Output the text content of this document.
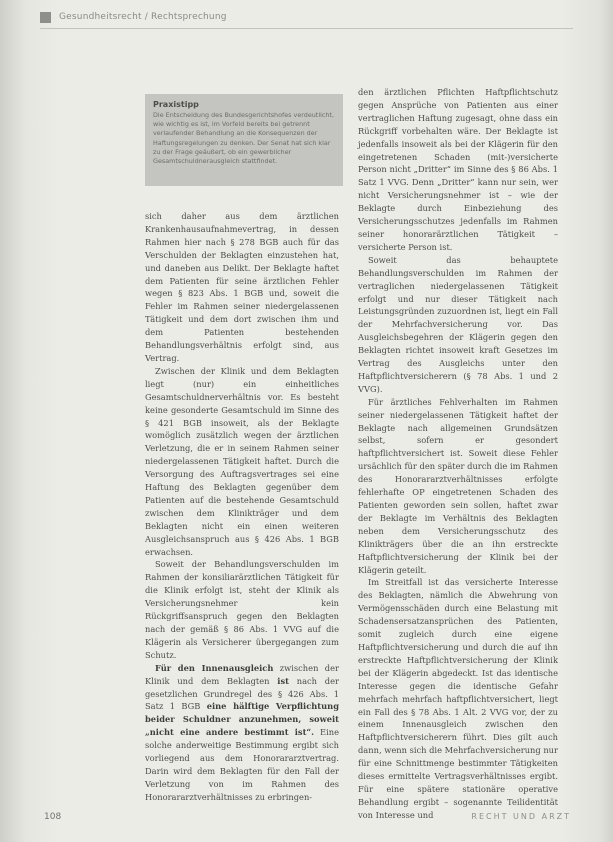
Gesundheitsrecht / Rechtsprechung
Praxistipp
Die Entscheidung des Bundesgerichtshofes verdeutlicht, wie wichtig es ist, im Vorfeld bereits bei getrennt verlaufender Behandlung an die Konsequenzen der Haftungsregelungen zu denken. Der Senat hat sich klar zu der Frage geäußert, ob ein gewerblicher Gesamtschuldnerausgleich stattfindet.

sich daher aus dem ärztlichen Krankenhausaufnahmevertrag, in dessen Rahmen hier nach § 278 BGB auch für das Verschulden der Beklagten einzustehen hat, und daneben aus Delikt. Der Beklagte haftet dem Patienten für seine ärztlichen Fehler wegen § 823 Abs. 1 BGB und, soweit die Fehler im Rahmen seiner niedergelassenen Tätigkeit und dem dort zwischen ihm und dem Patienten bestehenden Behandlungsverhältnis erfolgt sind, aus Vertrag.

Zwischen der Klinik und dem Beklagten liegt (nur) ein einheitliches Gesamtschuldnerverhältnis vor. Es besteht keine gesonderte Gesamtschuld im Sinne des § 421 BGB insoweit, als der Beklagte womöglich zusätzlich wegen der ärztlichen Verletzung, die er in seinem Rahmen seiner niedergelassenen Tätigkeit haftet. Durch die Versorgung des Auftragsvertrages sei eine Haftung des Beklagten gegenüber dem Patienten auf die bestehende Gesamtschuld zwischen dem Klinikträger und dem Beklagten nicht ein einen weiteren Ausgleichsanspruch aus § 426 Abs. 1 BGB erwachsen.

Soweit der Behandlungsverschulden im Rahmen der konsiliarärztlichen Tätigkeit für die Klinik erfolgt ist, steht der Klinik als Versicherungsnehmer kein Rückgriffsanspruch gegen den Beklagten nach der gemäß § 86 Abs. 1 VVG auf die Klägerin als Versicherer übergegangen zum Schutz.

Für den Innenausgleich zwischen der Klinik und dem Beklagten ist nach der gesetzlichen Grundregel des § 426 Abs. 1 Satz 1 BGB eine hälftige Verpflichtung beider Schuldner anzunehmen, soweit „nicht eine andere bestimmt ist“. Eine solche anderweitige Bestimmung ergibt sich vorliegend aus dem Honorararztvertrag. Darin wird dem Beklagten für den Fall der Verletzung von im Rahmen des Honorararztverhältnisses zu erbringen-

den ärztlichen Pflichten Haftpflichtschutz gegen Ansprüche von Patienten aus einer vertraglichen Haftung zugesagt, ohne dass ein Rückgriff vorbehalten wäre. Der Beklagte ist jedenfalls insoweit als bei der Klägerin für den eingetretenen Schaden (mit-)versicherte Person nicht „Dritter“ im Sinne des § 86 Abs. 1 Satz 1 VVG. Denn „Dritter“ kann nur sein, wer nicht Versicherungsnehmer ist – wie der Beklagte durch Einbeziehung des Versicherungsschutzes jedenfalls im Rahmen seiner honorarärztlichen Tätigkeit – versicherte Person ist.

Soweit das behauptete Behandlungsverschulden im Rahmen der vertraglichen niedergelassenen Tätigkeit erfolgt und nur dieser Tätigkeit nach Leistungsgründen zuzuordnen ist, liegt ein Fall der Mehrfachversicherung vor. Das Ausgleichsbegehren der Klägerin gegen den Beklagten richtet insoweit kraft Gesetzes im Vertrag des Ausgleichs unter den Haftpflichtversicherern (§ 78 Abs. 1 und 2 VVG).

Für ärztliches Fehlverhalten im Rahmen seiner niedergelassenen Tätigkeit haftet der Beklagte nach allgemeinen Grundsätzen selbst, sofern er gesondert haftpflichtversichert ist. Soweit diese Fehler ursächlich für den später durch die im Rahmen des Honorararztverhältnisses erfolgte fehlerhafte OP eingetretenen Schaden des Patienten geworden sein sollen, haftet zwar der Beklagte im Verhältnis des Beklagten neben dem Versicherungsschutz des Klinikträgers über die an ihn erstreckte Haftpflichtversicherung der Klinik bei der Klägerin geteilt.

Im Streitfall ist das versicherte Interesse des Beklagten, nämlich die Abwehrung von Vermögensschäden durch eine Belastung mit Schadensersatzansprüchen des Patienten, somit zugleich durch eine eigene Haftpflichtversicherung und durch die auf ihn erstreckte Haftpflichtversicherung der Klinik bei der Klägerin abgedeckt. Ist das identische Interesse gegen die identische Gefahr mehrfach mehrfach haftpflichtversichert, liegt ein Fall des § 78 Abs. 1 Alt. 2 VVG vor, der zu einem Innenausgleich zwischen den Haftpflichtversicherern führt. Dies gilt auch dann, wenn sich die Mehrfachversicherung nur für eine Schnittmenge bestimmter Tätigkeiten dieses ermittelte Vertragsverhältnisses ergibt. Für eine spätere stationäre operative Behandlung ergibt – sogenannte Teilidentität von Interesse und

108	RECHT UND ARZT
